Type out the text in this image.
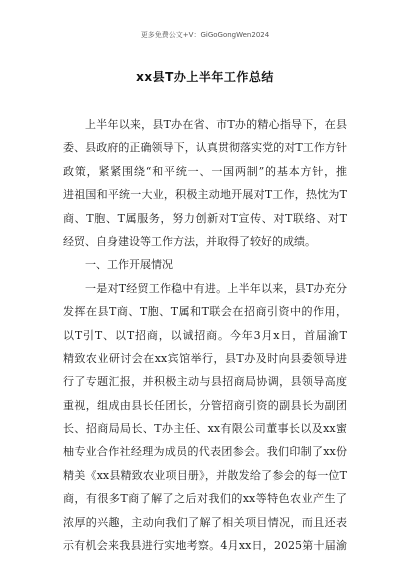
更多免费公文+V：GiGoGongWen2024
xx县T办上半年工作总结
上半年以来，县T办在省、市T办的精心指导下，在县
委、县政府的正确领导下，认真贯彻落实党的对T工作方针
政策，紧紧围绕“和平统一、一国两制”的基本方针，推
进祖国和平统一大业，积极主动地开展对T工作，热忱为T
商、T胞、T属服务，努力创新对T宣传、对T联络、对T
经贸、自身建设等工作方法，并取得了较好的成绩。
一、工作开展情况
一是对T经贸工作稳中有进。上半年以来，县T办充分
发挥在县T商、T胞、T属和T联会在招商引资中的作用，
以T引T、以T招商，以诚招商。今年3月x日，首届渝T
精致农业研讨会在xx宾馆举行，县T办及时向县委领导进
行了专题汇报，并积极主动与县招商局协调，县领导高度
重视，组成由县长任团长，分管招商引资的副县长为副团
长、招商局局长、T办主任、xx有限公司董事长以及xx蜜
柚专业合作社经理为成员的代表团参会。我们印制了xx份
精美《xx县精致农业项目册》，并散发给了参会的每一位T
商，有很多T商了解了之后对我们的xx等特色农业产生了
浓厚的兴趣，主动向我们了解了相关项目情况，而且还表
示有机会来我县进行实地考察。4月xx日，2025第十届渝
